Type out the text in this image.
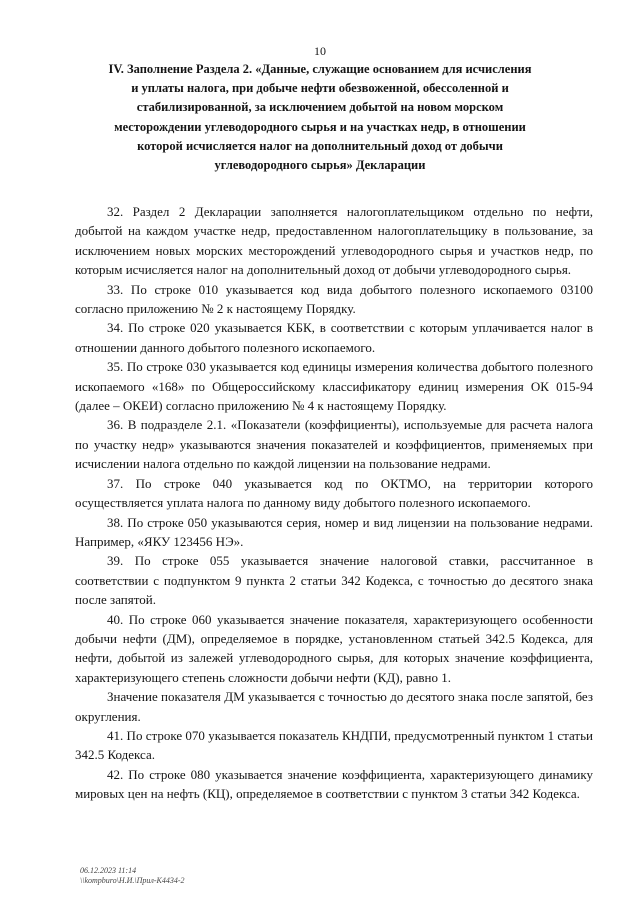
10
IV. Заполнение Раздела 2. «Данные, служащие основанием для исчисления и уплаты налога, при добыче нефти обезвоженной, обессоленной и стабилизированной, за исключением добытой на новом морском месторождении углеводородного сырья и на участках недр, в отношении которой исчисляется налог на дополнительный доход от добычи углеводородного сырья» Декларации

32. Раздел 2 Декларации заполняется налогоплательщиком отдельно по нефти, добытой на каждом участке недр, предоставленном налогоплательщику в пользование, за исключением новых морских месторождений углеводородного сырья и участков недр, по которым исчисляется налог на дополнительный доход от добычи углеводородного сырья.

33. По строке 010 указывается код вида добытого полезного ископаемого 03100 согласно приложению № 2 к настоящему Порядку.

34. По строке 020 указывается КБК, в соответствии с которым уплачивается налог в отношении данного добытого полезного ископаемого.

35. По строке 030 указывается код единицы измерения количества добытого полезного ископаемого «168» по Общероссийскому классификатору единиц измерения ОК 015-94 (далее – ОКЕИ) согласно приложению № 4 к настоящему Порядку.

36. В подразделе 2.1. «Показатели (коэффициенты), используемые для расчета налога по участку недр» указываются значения показателей и коэффициентов, применяемых при исчислении налога отдельно по каждой лицензии на пользование недрами.

37. По строке 040 указывается код по ОКТМО, на территории которого осуществляется уплата налога по данному виду добытого полезного ископаемого.

38. По строке 050 указываются серия, номер и вид лицензии на пользование недрами. Например, «ЯКУ 123456 НЭ».

39. По строке 055 указывается значение налоговой ставки, рассчитанное в соответствии с подпунктом 9 пункта 2 статьи 342 Кодекса, с точностью до десятого знака после запятой.

40. По строке 060 указывается значение показателя, характеризующего особенности добычи нефти (ДМ), определяемое в порядке, установленном статьей 342.5 Кодекса, для нефти, добытой из залежей углеводородного сырья, для которых значение коэффициента, характеризующего степень сложности добычи нефти (КД), равно 1.

Значение показателя ДМ указывается с точностью до десятого знака после запятой, без округления.

41. По строке 070 указывается показатель КНДПИ, предусмотренный пунктом 1 статьи 342.5 Кодекса.

42. По строке 080 указывается значение коэффициента, характеризующего динамику мировых цен на нефть (КЦ), определяемое в соответствии с пунктом 3 статьи 342 Кодекса.

06.12.2023 11:14
\\kompburo\Н.И.\Прил-К4434-2
